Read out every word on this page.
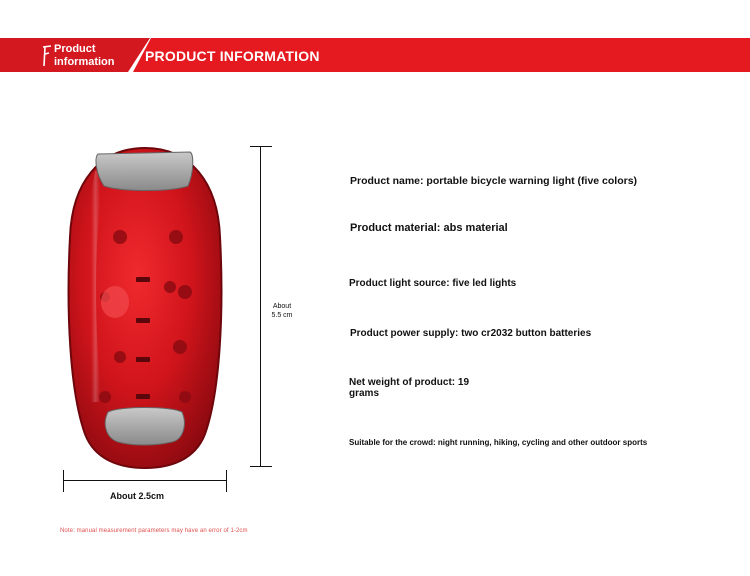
Product
information PRODUCT INFORMATION
About
5.5 cm
About 2.5cm
Product name: portable bicycle warning light (five colors)
Product material: abs material
Product light source: five led lights
Product power supply: two cr2032 button batteries
Net weight of product: 19
grams
Suitable for the crowd: night running, hiking, cycling and other outdoor sports
Note: manual measurement parameters may have an error of 1-2cm
